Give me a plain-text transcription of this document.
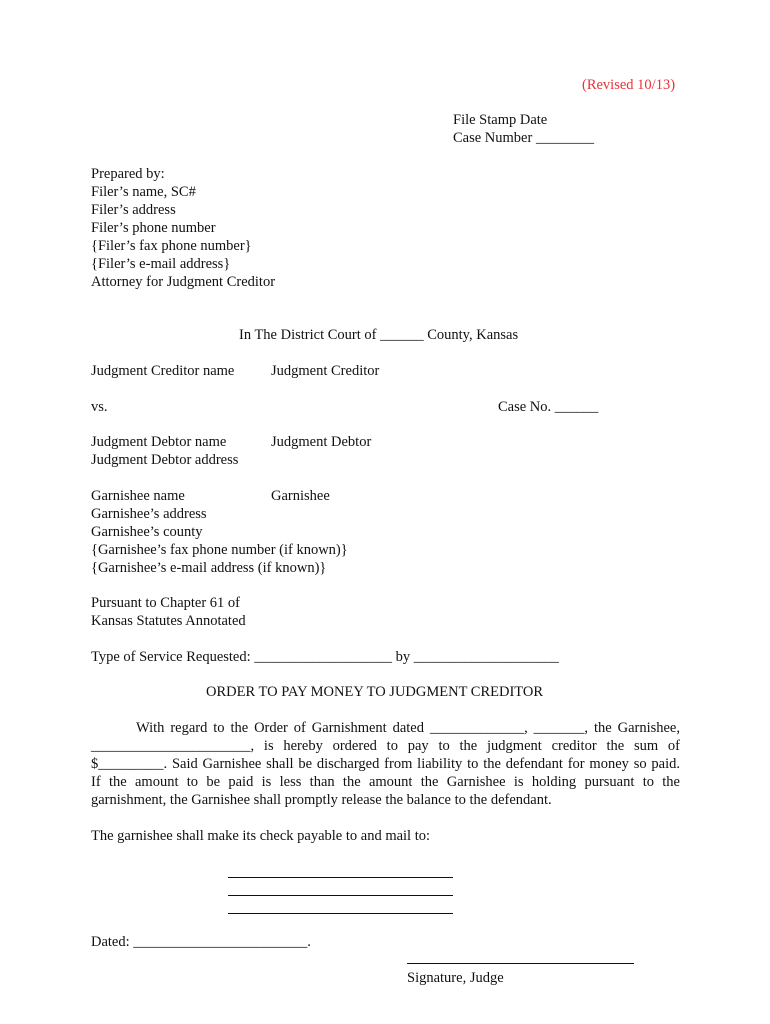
(Revised 10/13)
File Stamp Date
Case Number ________
Prepared by:
Filer’s name, SC#
Filer’s address
Filer’s phone number
{Filer’s fax phone number}
{Filer’s e-mail address}
Attorney for Judgment Creditor
In The District Court of ______ County, Kansas
Judgment Creditor name	Judgment Creditor
vs.	Case No. ______
Judgment Debtor name	Judgment Debtor
Judgment Debtor address
Garnishee name	Garnishee
Garnishee’s address
Garnishee’s county
{Garnishee’s fax phone number (if known)}
{Garnishee’s e-mail address (if known)}
Pursuant to Chapter 61 of
Kansas Statutes Annotated
Type of Service Requested: ___________________ by ____________________
ORDER TO PAY MONEY TO JUDGMENT CREDITOR
With regard to the Order of Garnishment dated _____________, _______, the Garnishee,
______________________, is hereby ordered to pay to the judgment creditor the sum of
$_________. Said Garnishee shall be discharged from liability to the defendant for money so paid.
If the amount to be paid is less than the amount the Garnishee is holding pursuant to the
garnishment, the Garnishee shall promptly release the balance to the defendant.
The garnishee shall make its check payable to and mail to:
Dated: ________________________.
Signature, Judge
